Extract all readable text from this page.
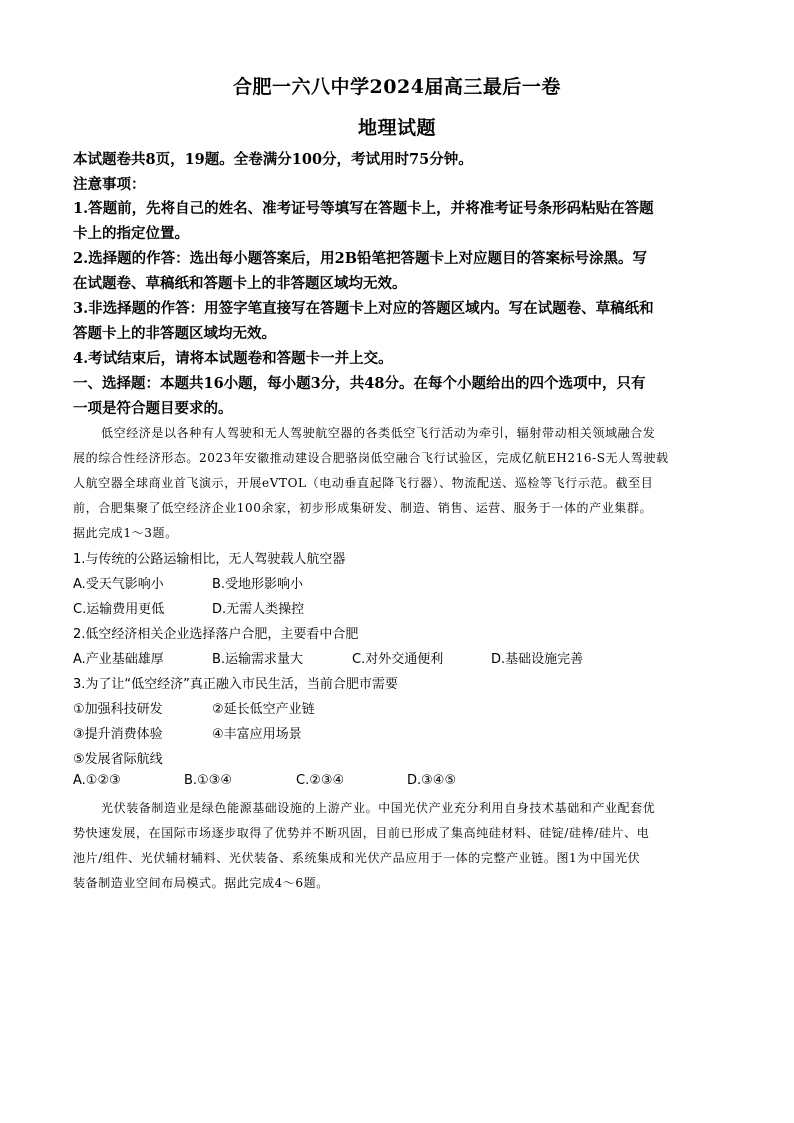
合肥一六八中学2024届高三最后一卷
地理试题

本试题卷共8页，19题。全卷满分100分，考试用时75分钟。

注意事项：

1.答题前，先将自己的姓名、准考证号等填写在答题卡上，并将准考证号条形码粘贴在答题

卡上的指定位置。

2.选择题的作答：选出每小题答案后，用2B铅笔把答题卡上对应题目的答案标号涂黑。写

在试题卷、草稿纸和答题卡上的非答题区域均无效。

3.非选择题的作答：用签字笔直接写在答题卡上对应的答题区域内。写在试题卷、草稿纸和

答题卡上的非答题区域均无效。

4.考试结束后，请将本试题卷和答题卡一并上交。

一、选择题：本题共16小题，每小题3分，共48分。在每个小题给出的四个选项中，只有

一项是符合题目要求的。

低空经济是以各种有人驾驶和无人驾驶航空器的各类低空飞行活动为牵引，辐射带动相关领域融合发

展的综合性经济形态。2023年安徽推动建设合肥骆岗低空融合飞行试验区，完成亿航EH216-S无人驾驶载

人航空器全球商业首飞演示，开展eVTOL（电动垂直起降飞行器）、物流配送、巡检等飞行示范。截至目

前，合肥集聚了低空经济企业100余家，初步形成集研发、制造、销售、运营、服务于一体的产业集群。

据此完成1～3题。

1.与传统的公路运输相比，无人驾驶载人航空器

A.受天气影响小	B.受地形影响小
C.运输费用更低	D.无需人类操控

2.低空经济相关企业选择落户合肥，主要看中合肥

A.产业基础雄厚	B.运输需求量大	C.对外交通便利	D.基础设施完善

3.为了让“低空经济”真正融入市民生活，当前合肥市需要

①加强科技研发	②延长低空产业链
③提升消费体验	④丰富应用场景
⑤发展省际航线
A.①②③	B.①③④	C.②③④	D.③④⑤

光伏装备制造业是绿色能源基础设施的上游产业。中国光伏产业充分利用自身技术基础和产业配套优

势快速发展，在国际市场逐步取得了优势并不断巩固，目前已形成了集高纯硅材料、硅锭/硅棒/硅片、电

池片/组件、光伏辅材辅料、光伏装备、系统集成和光伏产品应用于一体的完整产业链。图1为中国光伏

装备制造业空间布局模式。据此完成4～6题。
